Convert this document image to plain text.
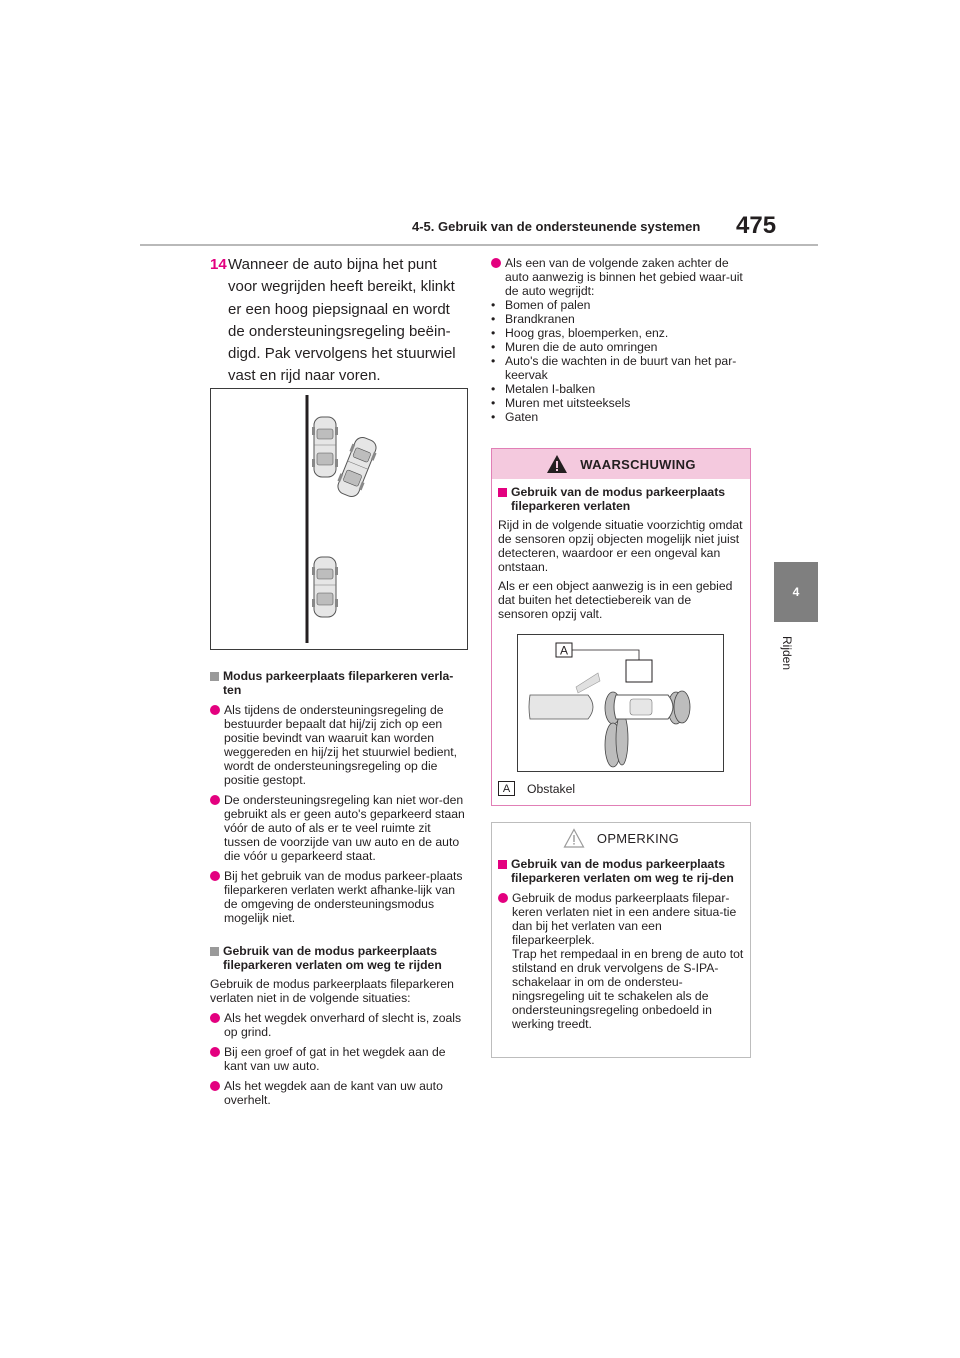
4-5. Gebruik van de ondersteunende systemen 475
4
Rijden
14 Wanneer de auto bijna het punt voor wegrijden heeft bereikt, klinkt er een hoog piepsignaal en wordt de ondersteuningsregeling beëin-digd. Pak vervolgens het stuurwiel vast en rijd naar voren.
Modus parkeerplaats fileparkeren verla-ten
Als tijdens de ondersteuningsregeling de bestuurder bepaalt dat hij/zij zich op een positie bevindt van waaruit kan worden weggereden en hij/zij het stuurwiel bedient, wordt de ondersteuningsregeling op die positie gestopt.
De ondersteuningsregeling kan niet wor-den gebruikt als er geen auto's geparkeerd staan vóór de auto of als er te veel ruimte zit tussen de voorzijde van uw auto en de auto die vóór u geparkeerd staat.
Bij het gebruik van de modus parkeer-plaats fileparkeren verlaten werkt afhanke-lijk van de omgeving de ondersteuningsmodus mogelijk niet.
Gebruik van de modus parkeerplaats fileparkeren verlaten om weg te rijden
Gebruik de modus parkeerplaats fileparkeren verlaten niet in de volgende situaties:
Als het wegdek onverhard of slecht is, zoals op grind.
Bij een groef of gat in het wegdek aan de kant van uw auto.
Als het wegdek aan de kant van uw auto overhelt.
Als een van de volgende zaken achter de auto aanwezig is binnen het gebied waar-uit de auto wegrijdt:
• Bomen of palen
• Brandkranen
• Hoog gras, bloemperken, enz.
• Muren die de auto omringen
• Auto's die wachten in de buurt van het par-keervak
• Metalen I-balken
• Muren met uitsteeksels
• Gaten
WAARSCHUWING
Gebruik van de modus parkeerplaats fileparkeren verlaten
Rijd in de volgende situatie voorzichtig omdat de sensoren opzij objecten mogelijk niet juist detecteren, waardoor er een ongeval kan ontstaan.
Als er een object aanwezig is in een gebied dat buiten het detectiebereik van de sensoren opzij valt.
A
A	Obstakel
OPMERKING
Gebruik van de modus parkeerplaats fileparkeren verlaten om weg te rij-den
Gebruik de modus parkeerplaats filepar-keren verlaten niet in een andere situa-tie dan bij het verlaten van een fileparkeerplek.
Trap het rempedaal in en breng de auto tot stilstand en druk vervolgens de S-IPA-schakelaar in om de ondersteu-ningsregeling uit te schakelen als de ondersteuningsregeling onbedoeld in werking treedt.
